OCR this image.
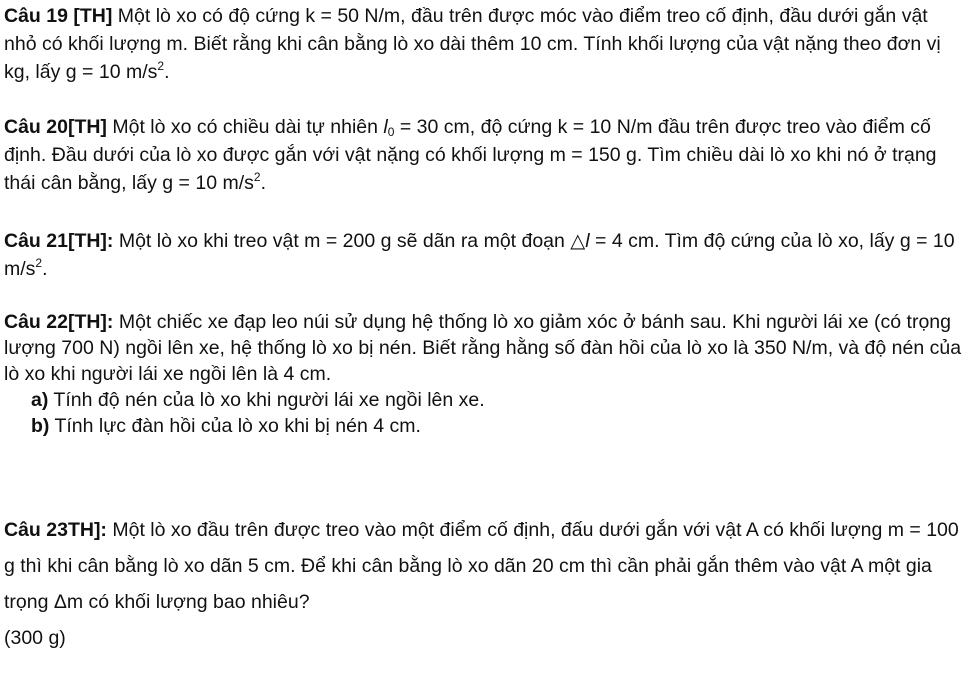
Câu 19 [TH] Một lò xo có độ cứng k = 50 N/m, đầu trên được móc vào điểm treo cố định, đầu dưới gắn vật nhỏ có khối lượng m. Biết rằng khi cân bằng lò xo dài thêm 10 cm. Tính khối lượng của vật nặng theo đơn vị kg, lấy g = 10 $m/s^2$.

Câu 20[TH] Một lò xo có chiều dài tự nhiên $l_0 = 30$ cm, độ cứng k = 10 N/m đầu trên được treo vào điểm cố định. Đầu dưới của lò xo được gắn với vật nặng có khối lượng m = 150 g. Tìm chiều dài lò xo khi nó ở trạng thái cân bằng, lấy g = 10 $m/s^2$.

Câu 21[TH]: Một lò xo khi treo vật m = 200 g sẽ dãn ra một đoạn △l = 4 cm. Tìm độ cứng của lò xo, lấy g = 10 $m/s^2$.

Câu 22[TH]: Một chiếc xe đạp leo núi sử dụng hệ thống lò xo giảm xóc ở bánh sau. Khi người lái xe (có trọng lượng 700 N) ngồi lên xe, hệ thống lò xo bị nén. Biết rằng hằng số đàn hồi của lò xo là 350 N/m, và độ nén của lò xo khi người lái xe ngồi lên là 4 cm.
a) Tính độ nén của lò xo khi người lái xe ngồi lên xe.
b) Tính lực đàn hồi của lò xo khi bị nén 4 cm.
Câu 23TH]: Một lò xo đầu trên được treo vào một điểm cố định, đấu dưới gắn với vật A có khối lượng m = 100 g thì khi cân bằng lò xo dãn 5 cm. Để khi cân bằng lò xo dãn 20 cm thì cần phải gắn thêm vào vật A một gia trọng Δm có khối lượng bao nhiêu?
(300 g)
